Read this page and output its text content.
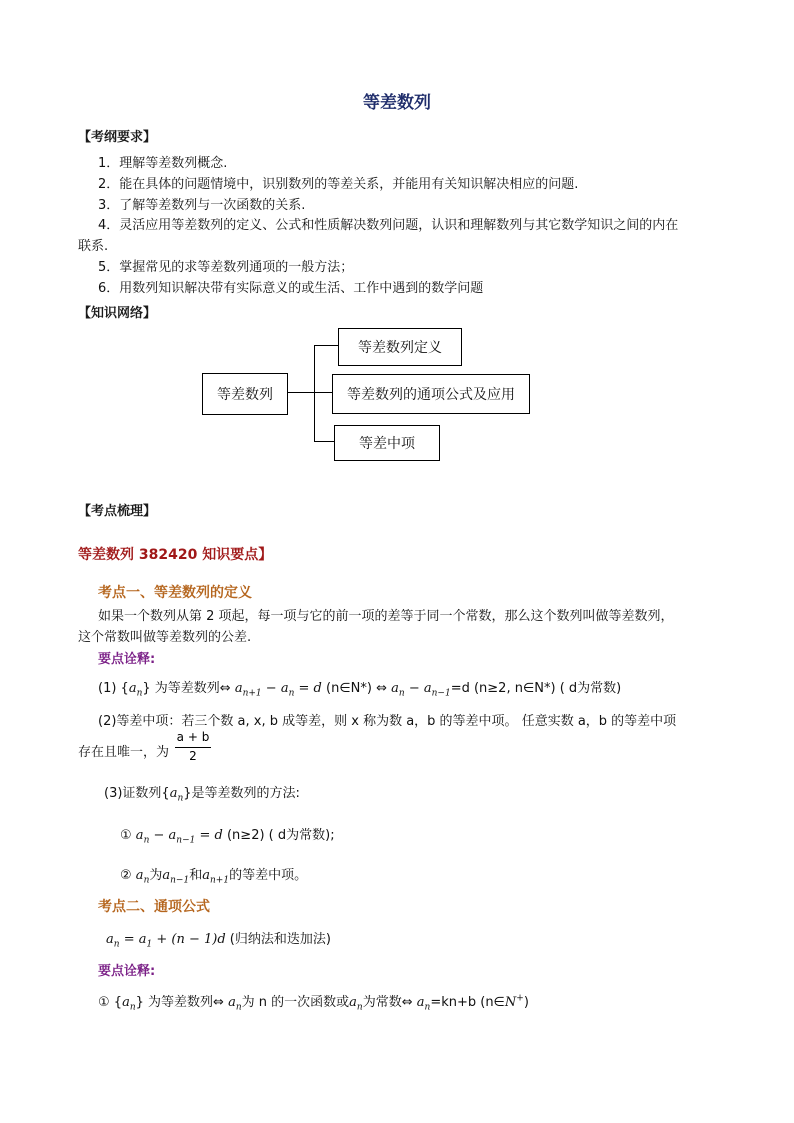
等差数列
【考纲要求】
1．理解等差数列概念.
2．能在具体的问题情境中，识别数列的等差关系，并能用有关知识解决相应的问题.
3．了解等差数列与一次函数的关系.
4．灵活应用等差数列的定义、公式和性质解决数列问题，认识和理解数列与其它数学知识之间的内在
联系.
5．掌握常见的求等差数列通项的一般方法；
6．用数列知识解决带有实际意义的或生活、工作中遇到的数学问题
【知识网络】
等差数列
等差数列定义
等差数列的通项公式及应用
等差中项
【考点梳理】
等差数列 382420 知识要点】
考点一、等差数列的定义
如果一个数列从第 2 项起，每一项与它的前一项的差等于同一个常数，那么这个数列叫做等差数列，
这个常数叫做等差数列的公差.
要点诠释:
(1) $\{a_n\}$ 为等差数列⇔ $a_{n+1} - a_n = d$ (n∈N*) ⇔ $a_n - a_{n-1}=d$ (n≥2, n∈N*) ( d为常数)
(2)等差中项：若三个数 a, x, b 成等差，则 x 称为数 a，b 的等差中项。 任意实数 a，b 的等差中项
存在且唯一，为
a + b
2
(3)证数列$\{a_n\}$是等差数列的方法:
① $a_n - a_{n-1} = d$ (n≥2) ( d为常数);
② $a_n$为$a_{n-1}$和$a_{n+1}$的等差中项。
考点二、通项公式
$a_n = a_1 + (n - 1)d$ (归纳法和迭加法)
要点诠释:
① $\{a_n\}$ 为等差数列⇔ $a_n$为 n 的一次函数或$a_n$为常数⇔ $a_n=kn+b$ (n∈N+)
